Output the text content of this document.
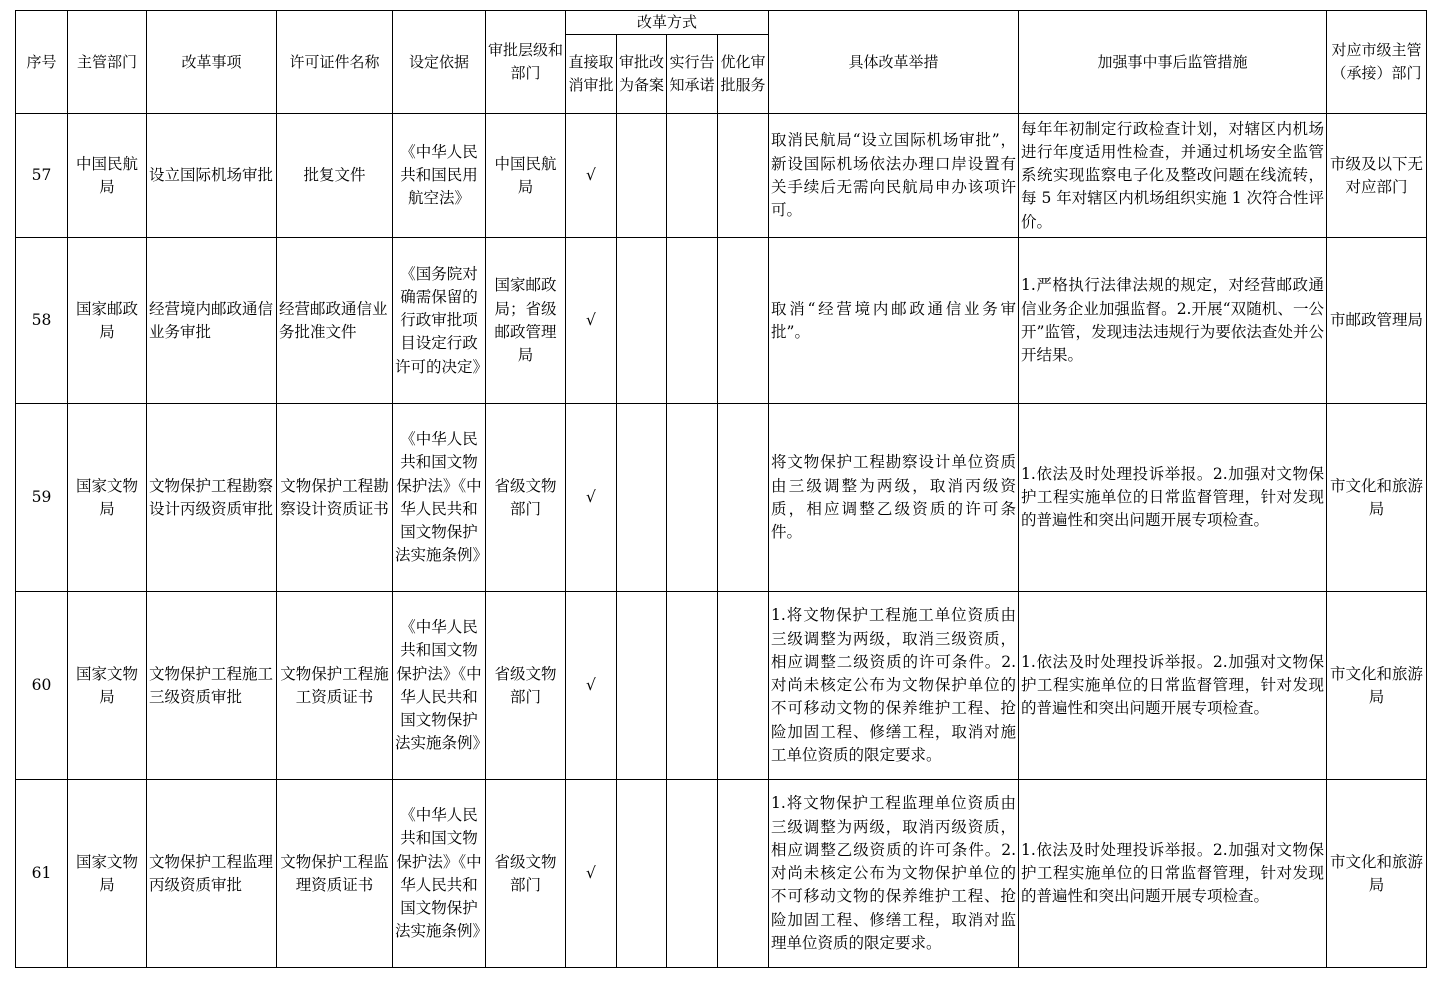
序号	主管部门	改革事项	许可证件名称	设定依据	审批层级和部门	改革方式				具体改革举措	加强事中事后监管措施	对应市级主管（承接）部门
						直接取消审批	审批改为备案	实行告知承诺	优化审批服务			
57	中国民航局	设立国际机场审批	批复文件	《中华人民共和国民用航空法》	中国民航局	√				取消民航局“设立国际机场审批”，新设国际机场依法办理口岸设置有关手续后无需向民航局申办该项许可。	每年年初制定行政检查计划，对辖区内机场进行年度适用性检查，并通过机场安全监管系统实现监察电子化及整改问题在线流转，每 5 年对辖区内机场组织实施 1 次符合性评价。	市级及以下无对应部门
58	国家邮政局	经营境内邮政通信业务审批	经营邮政通信业务批准文件	《国务院对确需保留的行政审批项目设定行政许可的决定》	国家邮政局；省级邮政管理局	√				取消“经营境内邮政通信业务审批”。	1.严格执行法律法规的规定，对经营邮政通信业务企业加强监督。2.开展“双随机、一公开”监管，发现违法违规行为要依法查处并公开结果。	市邮政管理局
59	国家文物局	文物保护工程勘察设计丙级资质审批	文物保护工程勘察设计资质证书	《中华人民共和国文物保护法》《中华人民共和国文物保护法实施条例》	省级文物部门	√				将文物保护工程勘察设计单位资质由三级调整为两级，取消丙级资质，相应调整乙级资质的许可条件。	1.依法及时处理投诉举报。2.加强对文物保护工程实施单位的日常监督管理，针对发现的普遍性和突出问题开展专项检查。	市文化和旅游局
60	国家文物局	文物保护工程施工三级资质审批	文物保护工程施工资质证书	《中华人民共和国文物保护法》《中华人民共和国文物保护法实施条例》	省级文物部门	√				1.将文物保护工程施工单位资质由三级调整为两级，取消三级资质，相应调整二级资质的许可条件。2.对尚未核定公布为文物保护单位的不可移动文物的保养维护工程、抢险加固工程、修缮工程，取消对施工单位资质的限定要求。	1.依法及时处理投诉举报。2.加强对文物保护工程实施单位的日常监督管理，针对发现的普遍性和突出问题开展专项检查。	市文化和旅游局
61	国家文物局	文物保护工程监理丙级资质审批	文物保护工程监理资质证书	《中华人民共和国文物保护法》《中华人民共和国文物保护法实施条例》	省级文物部门	√				1.将文物保护工程监理单位资质由三级调整为两级，取消丙级资质，相应调整乙级资质的许可条件。2.对尚未核定公布为文物保护单位的不可移动文物的保养维护工程、抢险加固工程、修缮工程，取消对监理单位资质的限定要求。	1.依法及时处理投诉举报。2.加强对文物保护工程实施单位的日常监督管理，针对发现的普遍性和突出问题开展专项检查。	市文化和旅游局
